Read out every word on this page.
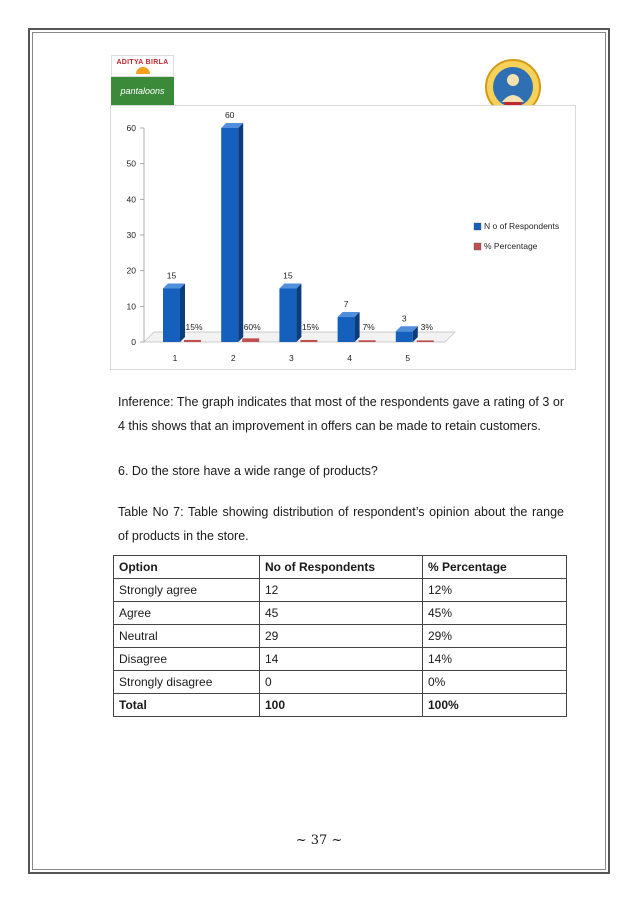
ADITYA BIRLA
pantaloons
15
15%
60
60%
15
15%
7
7%
3
3%
0
10
20
30
40
50
60
1	2	3	4	5
N o of Respondents
% Percentage
Inference: The graph indicates that most of the respondents gave a rating of 3 or 4 this shows that an improvement in offers can be made to retain customers.
6. Do the store have a wide range of products?
Table No 7: Table showing distribution of respondent’s opinion about the range of products in the store.
Option	No of Respondents	% Percentage
Strongly agree	12	12%
Agree	45	45%
Neutral	29	29%
Disagree	14	14%
Strongly disagree	0	0%
Total	100	100%
~ 37 ~
